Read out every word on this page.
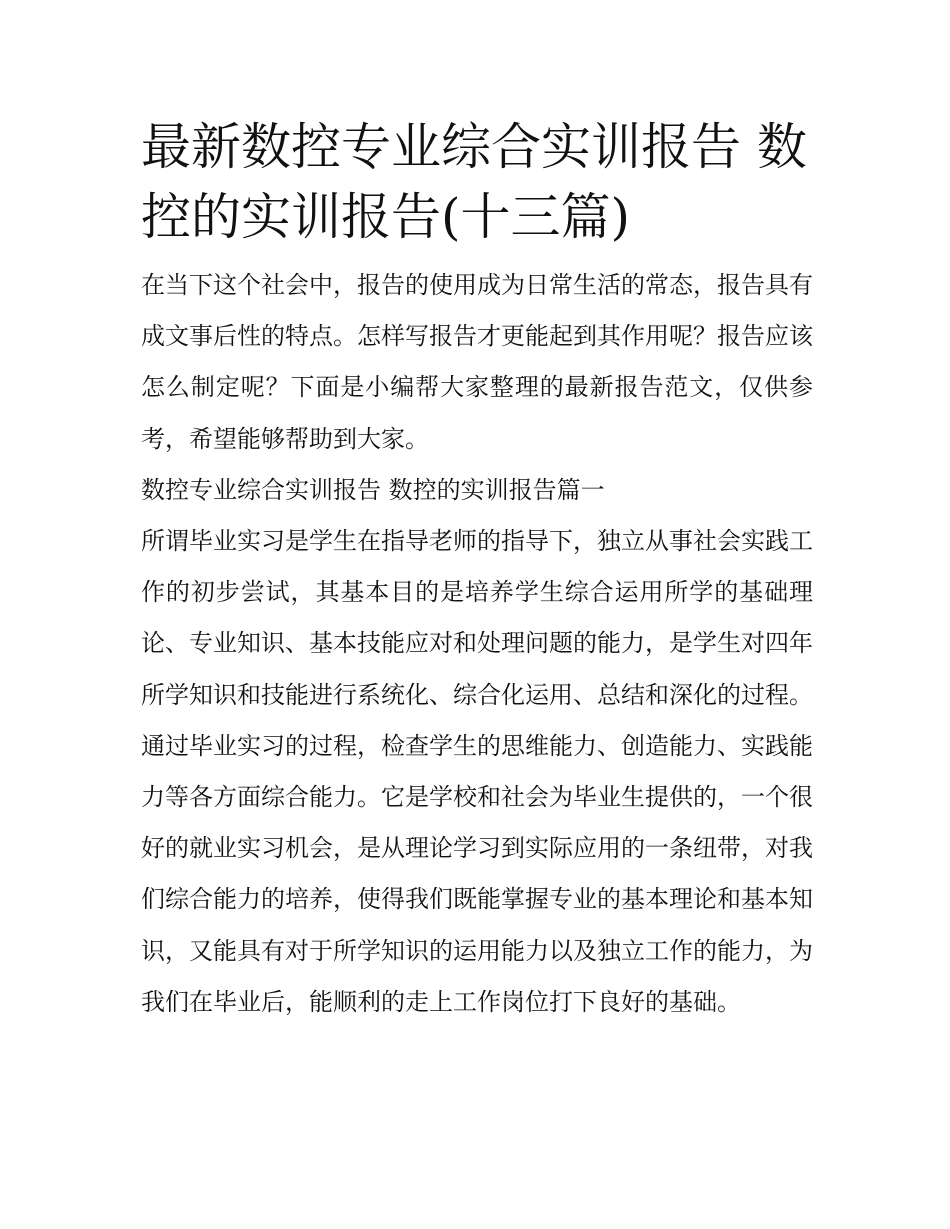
最新数控专业综合实训报告 数控的实训报告(十三篇)

在当下这个社会中，报告的使用成为日常生活的常态，报告具有成文事后性的特点。怎样写报告才更能起到其作用呢？报告应该怎么制定呢？下面是小编帮大家整理的最新报告范文，仅供参考，希望能够帮助到大家。

数控专业综合实训报告 数控的实训报告篇一

所谓毕业实习是学生在指导老师的指导下，独立从事社会实践工作的初步尝试，其基本目的是培养学生综合运用所学的基础理论、专业知识、基本技能应对和处理问题的能力，是学生对四年所学知识和技能进行系统化、综合化运用、总结和深化的过程。通过毕业实习的过程，检查学生的思维能力、创造能力、实践能力等各方面综合能力。它是学校和社会为毕业生提供的，一个很好的就业实习机会，是从理论学习到实际应用的一条纽带，对我们综合能力的培养，使得我们既能掌握专业的基本理论和基本知识，又能具有对于所学知识的运用能力以及独立工作的能力，为我们在毕业后，能顺利的走上工作岗位打下良好的基础。
